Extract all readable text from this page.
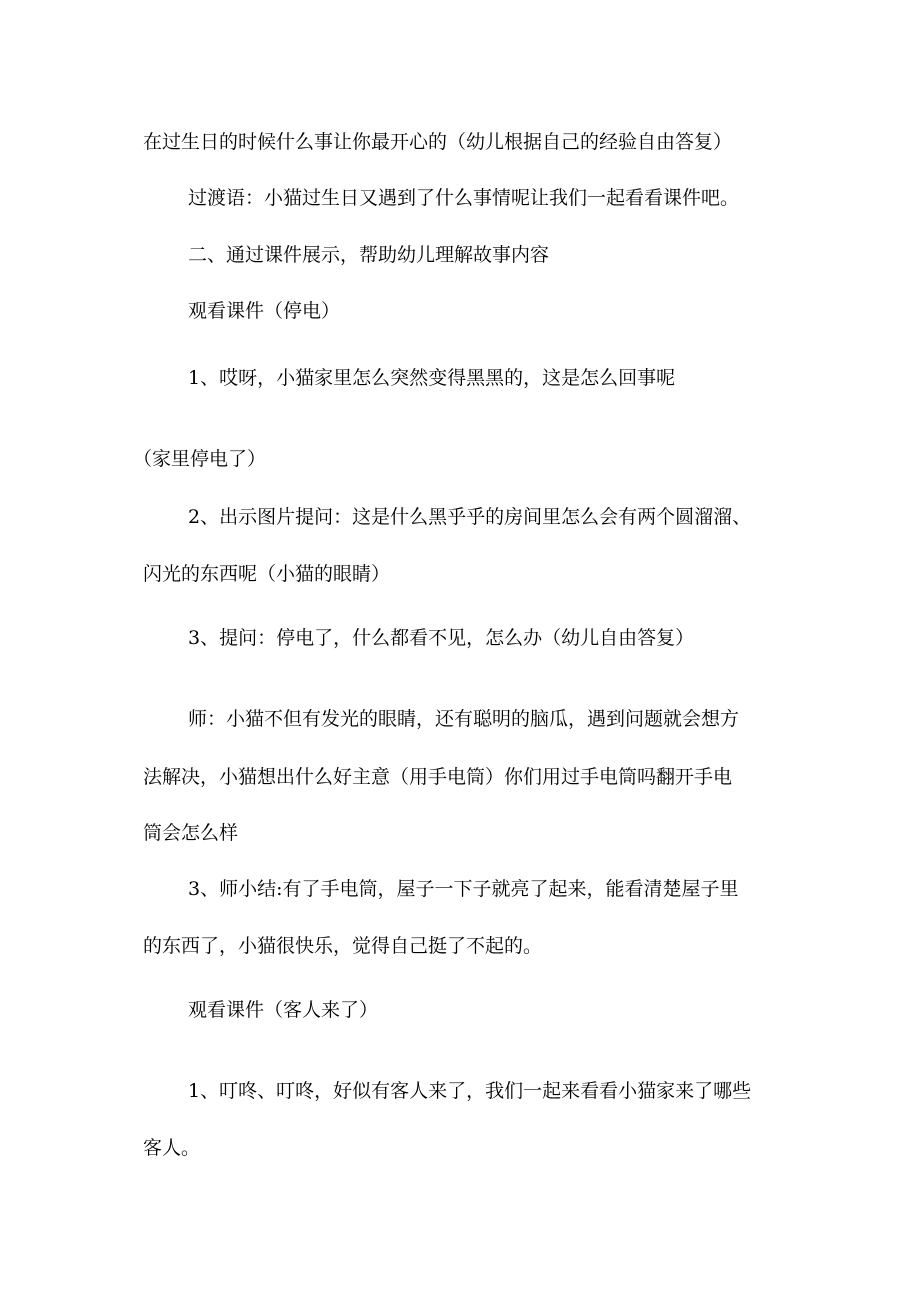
在过生日的时候什么事让你最开心的（幼儿根据自己的经验自由答复）

过渡语：小猫过生日又遇到了什么事情呢让我们一起看看课件吧。

二、通过课件展示，帮助幼儿理解故事内容

观看课件（停电）

1、哎呀，小猫家里怎么突然变得黑黑的，这是怎么回事呢

（家里停电了）

2、出示图片提问：这是什么黑乎乎的房间里怎么会有两个圆溜溜、

闪光的东西呢（小猫的眼睛）

3、提问：停电了，什么都看不见，怎么办（幼儿自由答复）

师：小猫不但有发光的眼睛，还有聪明的脑瓜，遇到问题就会想方

法解决，小猫想出什么好主意（用手电筒）你们用过手电筒吗翻开手电

筒会怎么样

3、师小结:有了手电筒，屋子一下子就亮了起来，能看清楚屋子里

的东西了，小猫很快乐，觉得自己挺了不起的。

观看课件（客人来了）

1、叮咚、叮咚，好似有客人来了，我们一起来看看小猫家来了哪些

客人。
